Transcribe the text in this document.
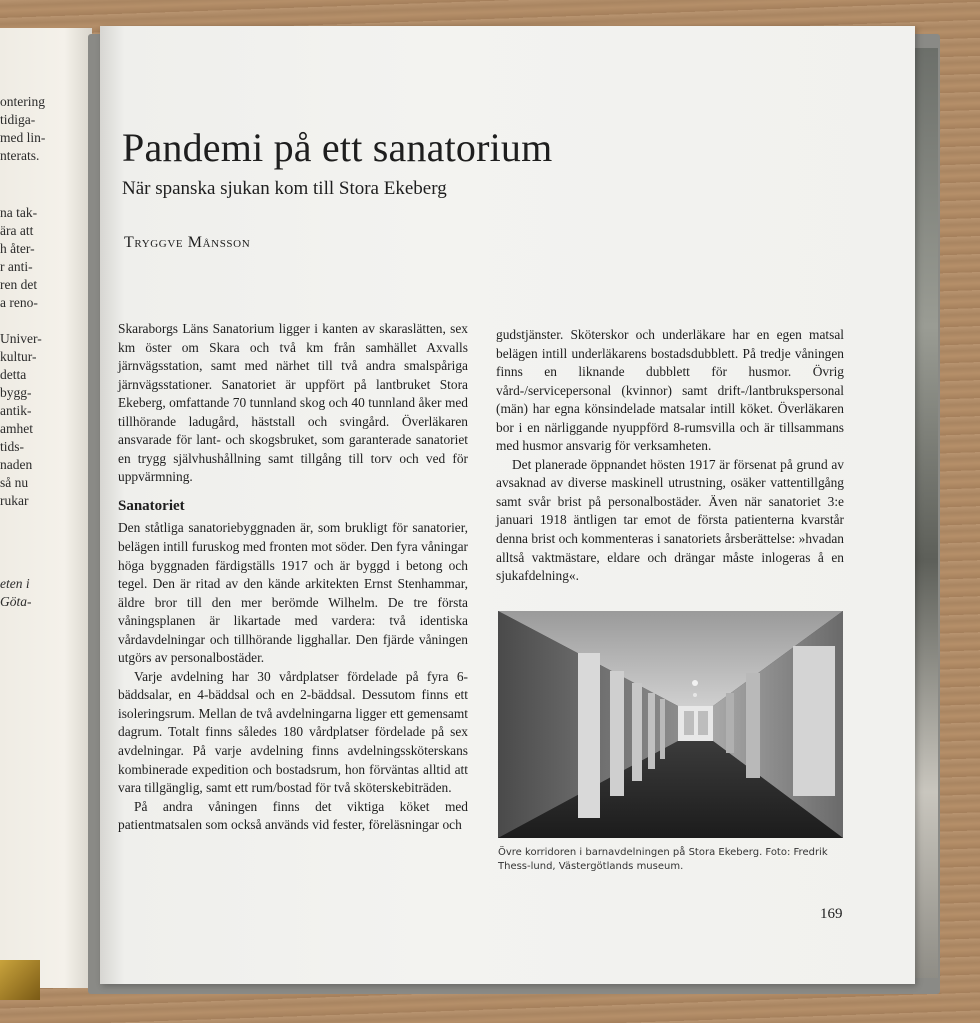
ontering
tidiga-
med lin-
nterats.
na tak-
ära att
h åter-
r anti-
ren det
a reno-
Univer-
kultur-
detta
bygg-
antik-
amhet
tids-
naden
så nu
rukar
eten i
Göta-
Pandemi på ett sanatorium
När spanska sjukan kom till Stora Ekeberg
Tryggve Månsson

Skaraborgs Läns Sanatorium ligger i kanten av skaraslätten, sex km öster om Skara och två km från samhället Axvalls järnvägsstation, samt med närhet till två andra smalspåriga järnvägsstationer. Sanatoriet är uppfört på lantbruket Stora Ekeberg, omfattande 70 tunnland skog och 40 tunnland åker med tillhörande ladugård, häststall och svingård. Överläkaren ansvarade för lant- och skogsbruket, som garanterade sanatoriet en trygg självhushållning samt tillgång till torv och ved för uppvärmning.

Sanatoriet

Den ståtliga sanatoriebyggnaden är, som brukligt för sanatorier, belägen intill furuskog med fronten mot söder. Den fyra våningar höga byggnaden färdigställs 1917 och är byggd i betong och tegel. Den är ritad av den kände arkitekten Ernst Stenhammar, äldre bror till den mer berömde Wilhelm. De tre första våningsplanen är likartade med vardera: två identiska vårdavdelningar och tillhörande ligghallar. Den fjärde våningen utgörs av personalbostäder.

Varje avdelning har 30 vårdplatser fördelade på fyra 6-bäddsalar, en 4-bäddsal och en 2-bäddsal. Dessutom finns ett isoleringsrum. Mellan de två avdelningarna ligger ett gemensamt dagrum. Totalt finns således 180 vårdplatser fördelade på sex avdelningar. På varje avdelning finns avdelningssköterskans kombinerade expedition och bostadsrum, hon förväntas alltid att vara tillgänglig, samt ett rum/bostad för två sköterskebiträden.

På andra våningen finns det viktiga köket med patientmatsalen som också används vid fester, föreläsningar och

gudstjänster. Sköterskor och underläkare har en egen matsal belägen intill underläkarens bostadsdubblett. På tredje våningen finns en liknande dubblett för husmor. Övrig vård-/servicepersonal (kvinnor) samt drift-/lantbrukspersonal (män) har egna könsindelade matsalar intill köket. Överläkaren bor i en närliggande nyuppförd 8-rumsvilla och är tillsammans med husmor ansvarig för verksamheten.

Det planerade öppnandet hösten 1917 är försenat på grund av avsaknad av diverse maskinell utrustning, osäker vattentillgång samt svår brist på personalbostäder. Även när sanatoriet 3:e januari 1918 äntligen tar emot de första patienterna kvarstår denna brist och kommenteras i sanatoriets årsberättelse: »hvadan alltså vaktmästare, eldare och drängar måste inlogeras å en sjukafdelning«.

Övre korridoren i barnavdelningen på Stora Ekeberg. Foto: Fredrik Thess-lund, Västergötlands museum.
169
